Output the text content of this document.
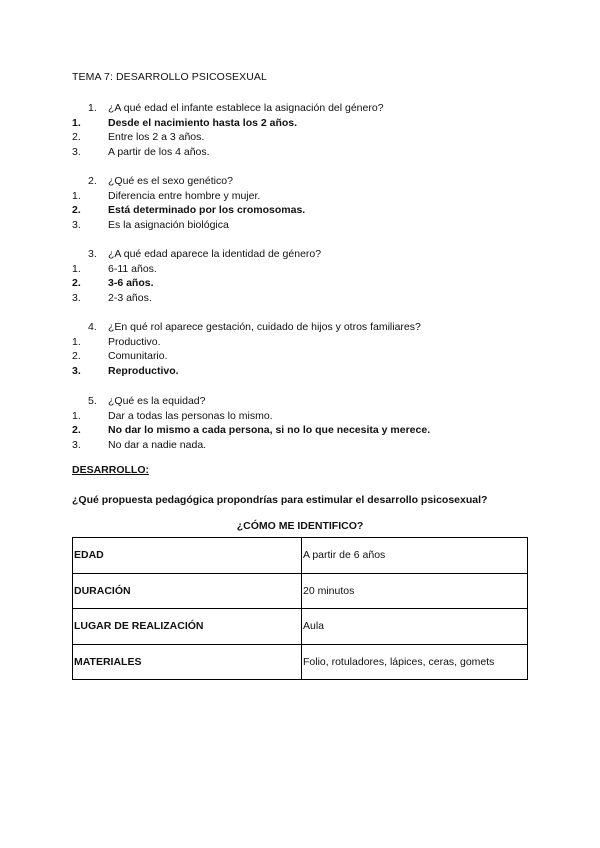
TEMA 7: DESARROLLO PSICOSEXUAL
1.	¿A qué edad el infante establece la asignación del género?
1.	Desde el nacimiento hasta los 2 años.
2.	Entre los 2 a 3 años.
3.	A partir de los 4 años.
2.	¿Qué es el sexo genético?
1.	Diferencia entre hombre y mujer.
2.	Está determinado por los cromosomas.
3.	Es la asignación biológica
3.	¿A qué edad aparece la identidad de género?
1.	6-11 años.
2.	3-6 años.
3.	2-3 años.
4.	¿En qué rol aparece gestación, cuidado de hijos y otros familiares?
1.	Productivo.
2.	Comunitario.
3.	Reproductivo.
5.	¿Qué es la equidad?
1.	Dar a todas las personas lo mismo.
2.	No dar lo mismo a cada persona, si no lo que necesita y merece.
3.	No dar a nadie nada.
DESARROLLO:
¿Qué propuesta pedagógica propondrías para estimular el desarrollo psicosexual?
¿CÓMO ME IDENTIFICO?
EDAD	A partir de 6 años
DURACIÓN	20 minutos
LUGAR DE REALIZACIÓN	Aula
MATERIALES	Folio, rotuladores, lápices, ceras, gomets
